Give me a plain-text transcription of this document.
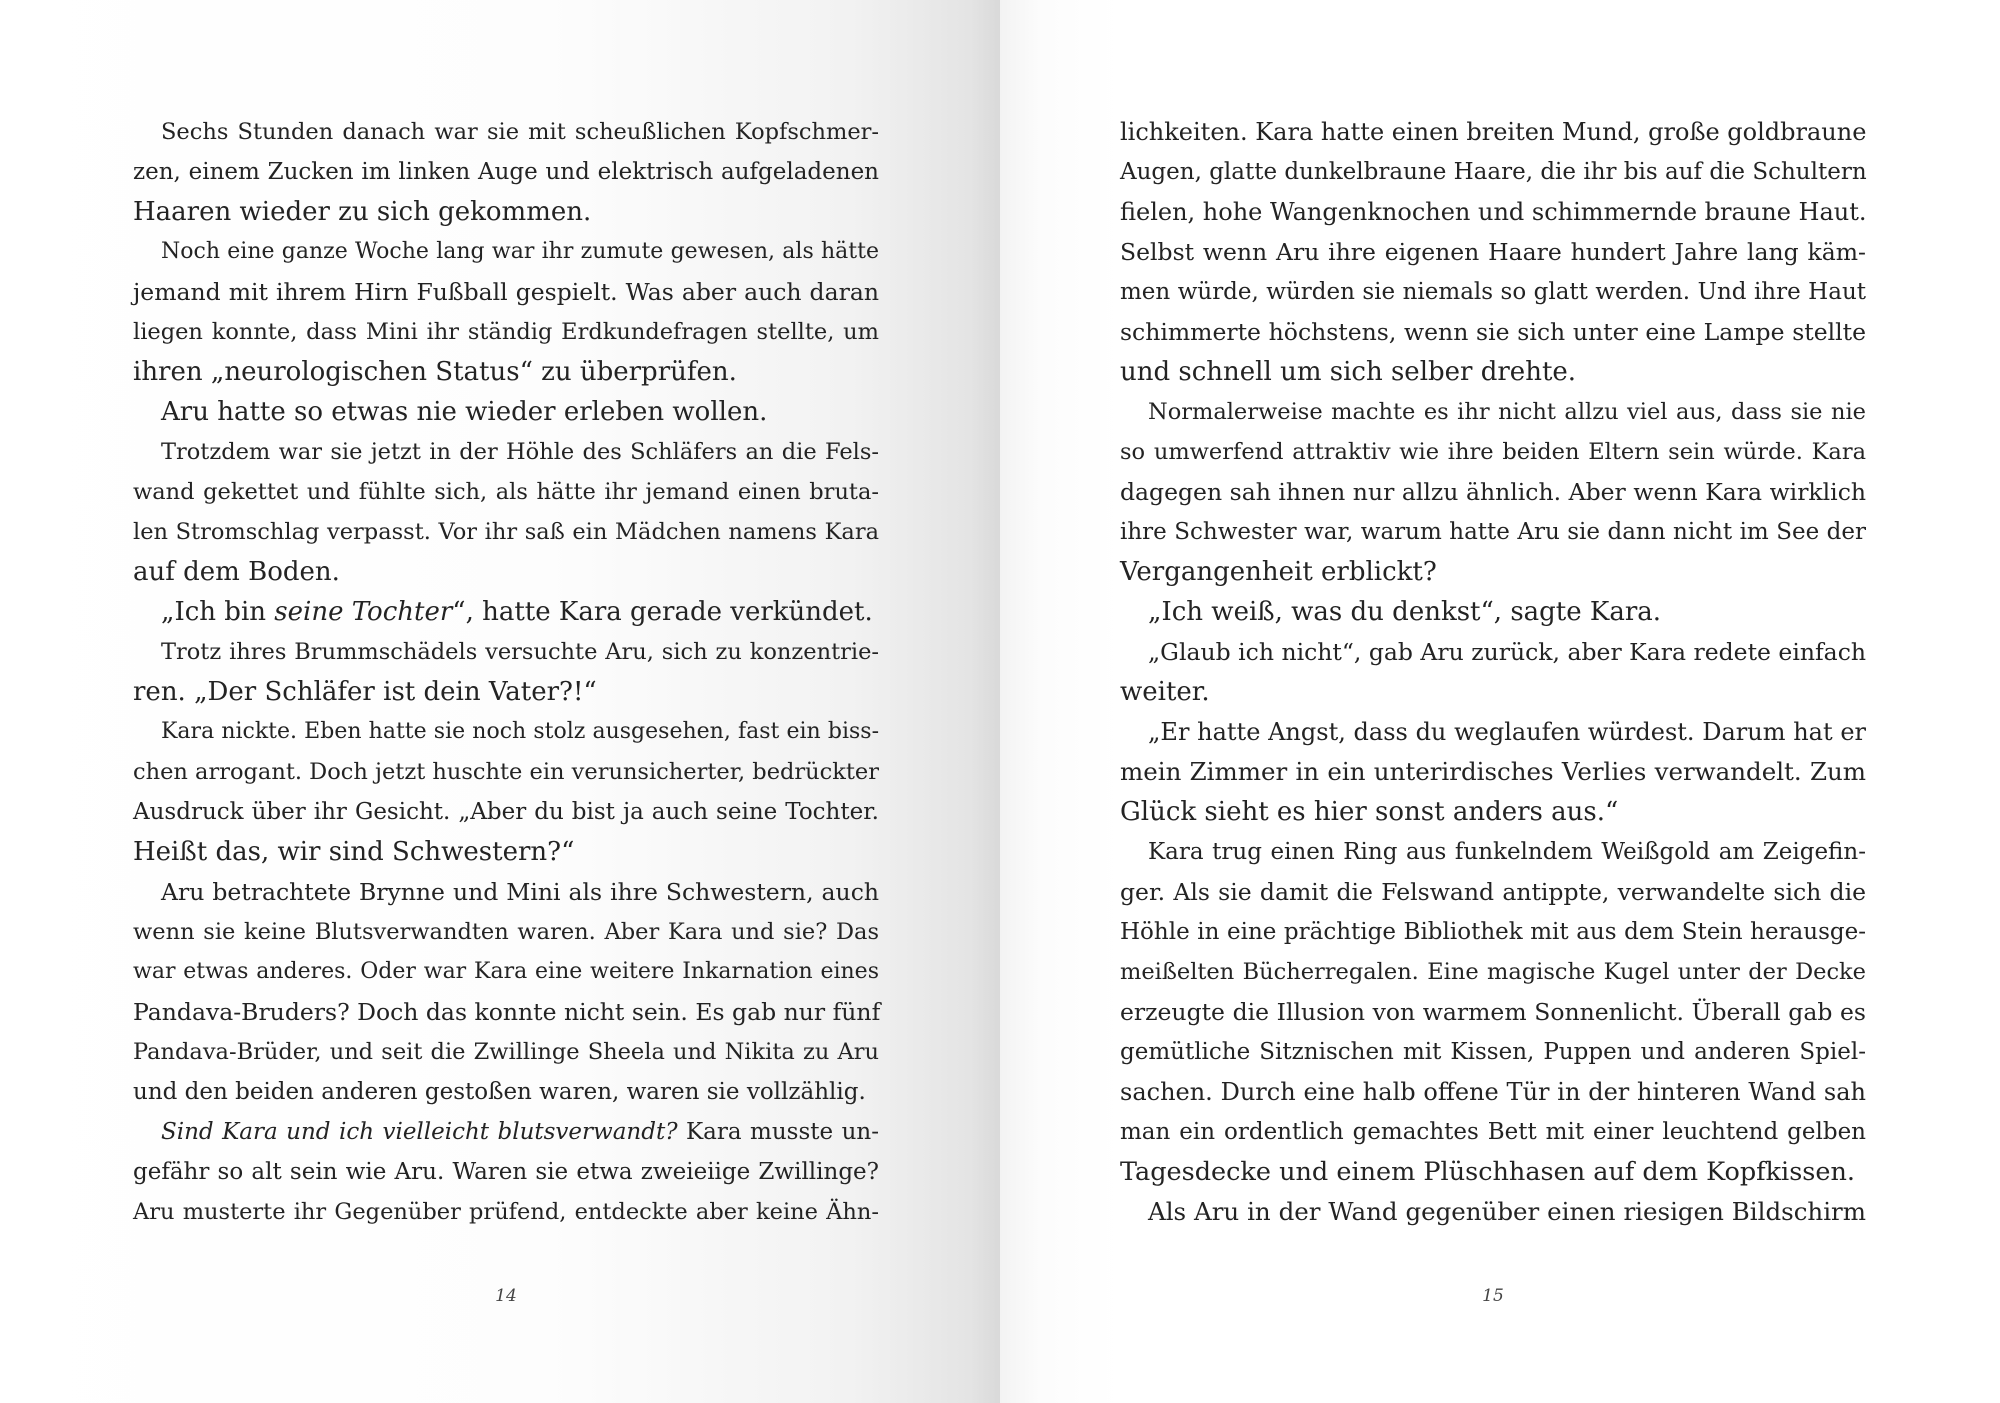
Sechs Stunden danach war sie mit scheußlichen Kopfschmer-
zen, einem Zucken im linken Auge und elektrisch aufgeladenen
Haaren wieder zu sich gekommen.
Noch eine ganze Woche lang war ihr zumute gewesen, als hätte
jemand mit ihrem Hirn Fußball gespielt. Was aber auch daran
liegen konnte, dass Mini ihr ständig Erdkundefragen stellte, um
ihren „neurologischen Status“ zu überprüfen.
Aru hatte so etwas nie wieder erleben wollen.
Trotzdem war sie jetzt in der Höhle des Schläfers an die Fels-
wand gekettet und fühlte sich, als hätte ihr jemand einen bruta-
len Stromschlag verpasst. Vor ihr saß ein Mädchen namens Kara
auf dem Boden.
„Ich bin seine Tochter“, hatte Kara gerade verkündet.
Trotz ihres Brummschädels versuchte Aru, sich zu konzentrie-
ren. „Der Schläfer ist dein Vater?!“
Kara nickte. Eben hatte sie noch stolz ausgesehen, fast ein biss-
chen arrogant. Doch jetzt huschte ein verunsicherter, bedrückter
Ausdruck über ihr Gesicht. „Aber du bist ja auch seine Tochter.
Heißt das, wir sind Schwestern?“
Aru betrachtete Brynne und Mini als ihre Schwestern, auch
wenn sie keine Blutsverwandten waren. Aber Kara und sie? Das
war etwas anderes. Oder war Kara eine weitere Inkarnation eines
Pandava-Bruders? Doch das konnte nicht sein. Es gab nur fünf
Pandava-Brüder, und seit die Zwillinge Sheela und Nikita zu Aru
und den beiden anderen gestoßen waren, waren sie vollzählig.
Sind Kara und ich vielleicht blutsverwandt? Kara musste un-
gefähr so alt sein wie Aru. Waren sie etwa zweieiige Zwillinge?
Aru musterte ihr Gegenüber prüfend, entdeckte aber keine Ähn-
14
lichkeiten. Kara hatte einen breiten Mund, große goldbraune
Augen, glatte dunkelbraune Haare, die ihr bis auf die Schultern
fielen, hohe Wangenknochen und schimmernde braune Haut.
Selbst wenn Aru ihre eigenen Haare hundert Jahre lang käm-
men würde, würden sie niemals so glatt werden. Und ihre Haut
schimmerte höchstens, wenn sie sich unter eine Lampe stellte
und schnell um sich selber drehte.
Normalerweise machte es ihr nicht allzu viel aus, dass sie nie
so umwerfend attraktiv wie ihre beiden Eltern sein würde. Kara
dagegen sah ihnen nur allzu ähnlich. Aber wenn Kara wirklich
ihre Schwester war, warum hatte Aru sie dann nicht im See der
Vergangenheit erblickt?
„Ich weiß, was du denkst“, sagte Kara.
„Glaub ich nicht“, gab Aru zurück, aber Kara redete einfach
weiter.
„Er hatte Angst, dass du weglaufen würdest. Darum hat er
mein Zimmer in ein unterirdisches Verlies verwandelt. Zum
Glück sieht es hier sonst anders aus.“
Kara trug einen Ring aus funkelndem Weißgold am Zeigefin-
ger. Als sie damit die Felswand antippte, verwandelte sich die
Höhle in eine prächtige Bibliothek mit aus dem Stein herausge-
meißelten Bücherregalen. Eine magische Kugel unter der Decke
erzeugte die Illusion von warmem Sonnenlicht. Überall gab es
gemütliche Sitznischen mit Kissen, Puppen und anderen Spiel-
sachen. Durch eine halb offene Tür in der hinteren Wand sah
man ein ordentlich gemachtes Bett mit einer leuchtend gelben
Tagesdecke und einem Plüschhasen auf dem Kopfkissen.
Als Aru in der Wand gegenüber einen riesigen Bildschirm
15
